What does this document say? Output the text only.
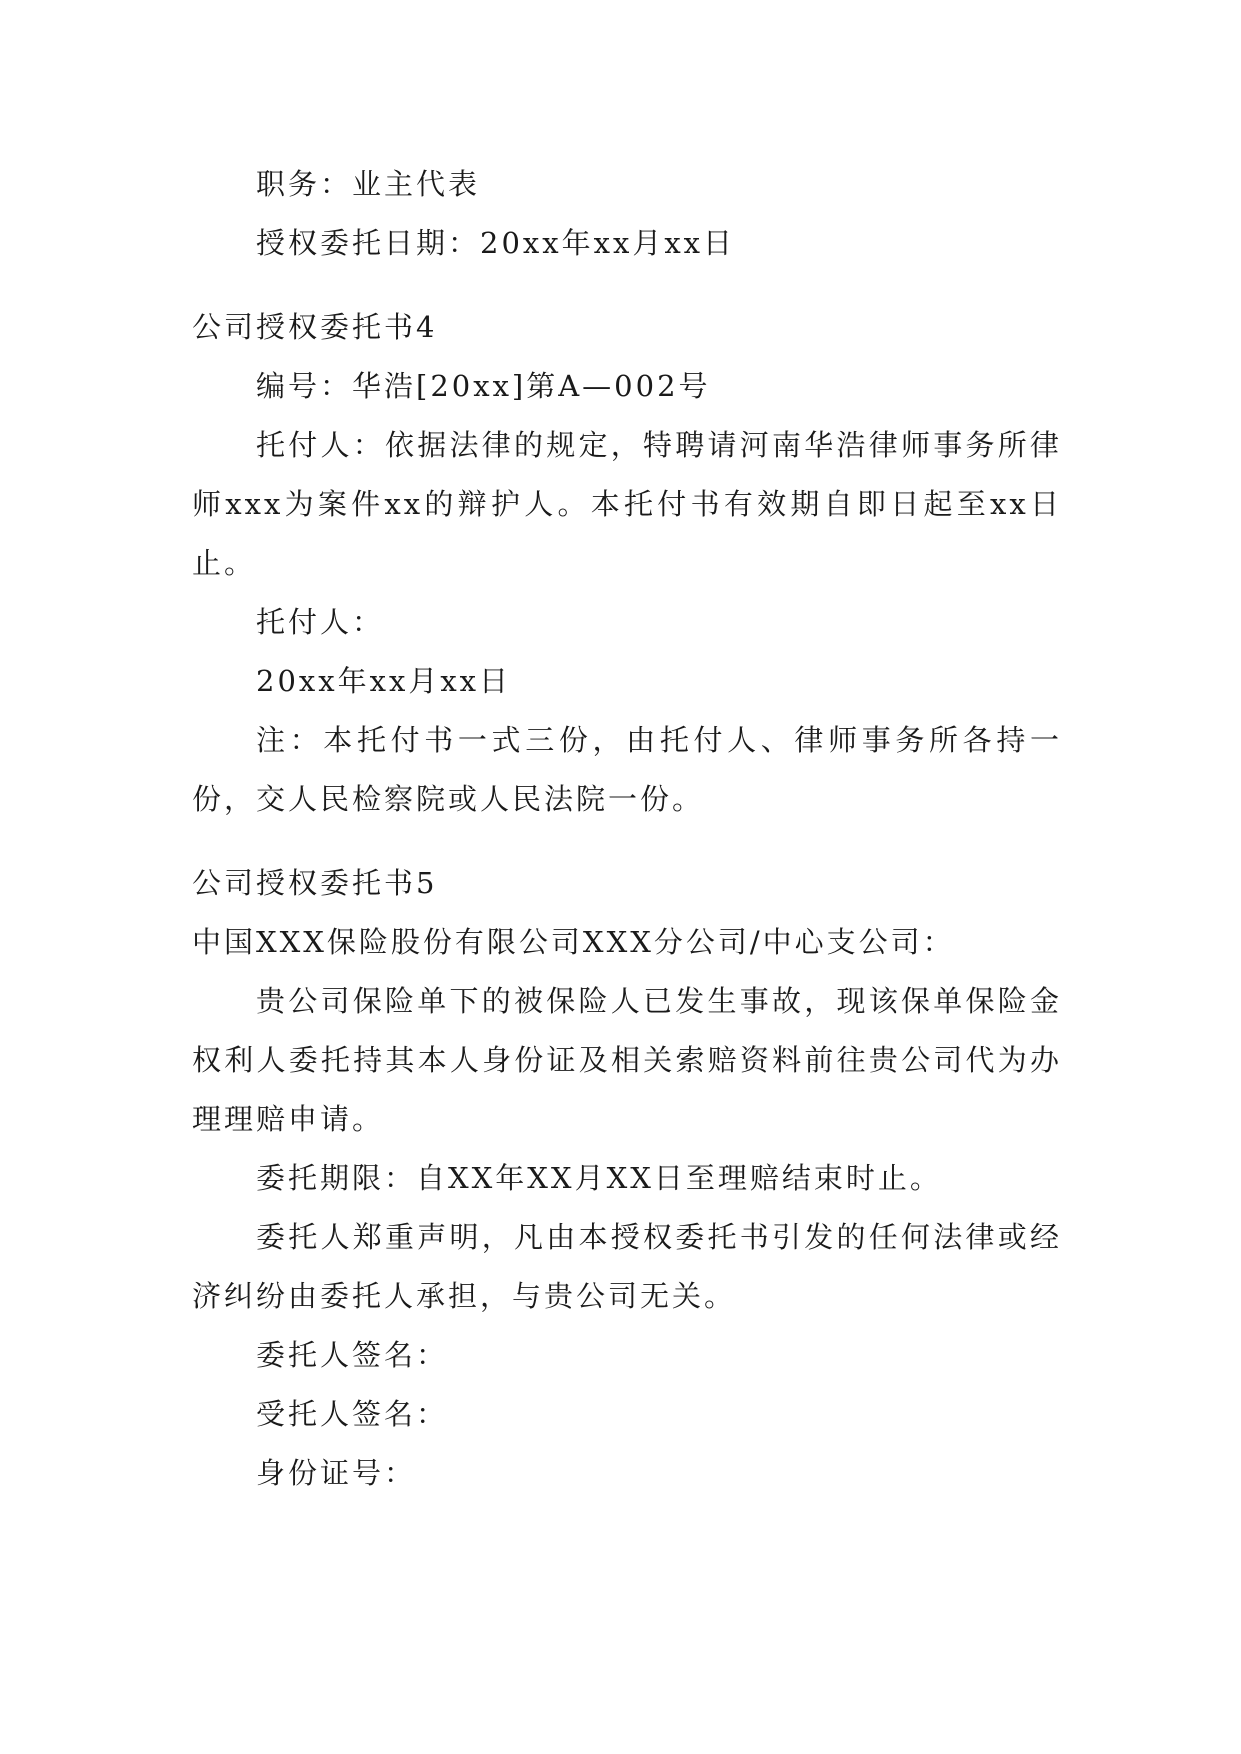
职务：业主代表
授权委托日期：20xx年xx月xx日
公司授权委托书4
编号：华浩[20xx]第A—002号
托付人：依据法律的规定，特聘请河南华浩律师事务所律师xxx为案件xx的辩护人。本托付书有效期自即日起至xx日止。
托付人：
20xx年xx月xx日
注：本托付书一式三份，由托付人、律师事务所各持一份，交人民检察院或人民法院一份。
公司授权委托书5
中国XXX保险股份有限公司XXX分公司/中心支公司：
贵公司保险单下的被保险人已发生事故，现该保单保险金权利人委托持其本人身份证及相关索赔资料前往贵公司代为办理理赔申请。
委托期限：自XX年XX月XX日至理赔结束时止。
委托人郑重声明，凡由本授权委托书引发的任何法律或经济纠纷由委托人承担，与贵公司无关。
委托人签名：
受托人签名：
身份证号：
